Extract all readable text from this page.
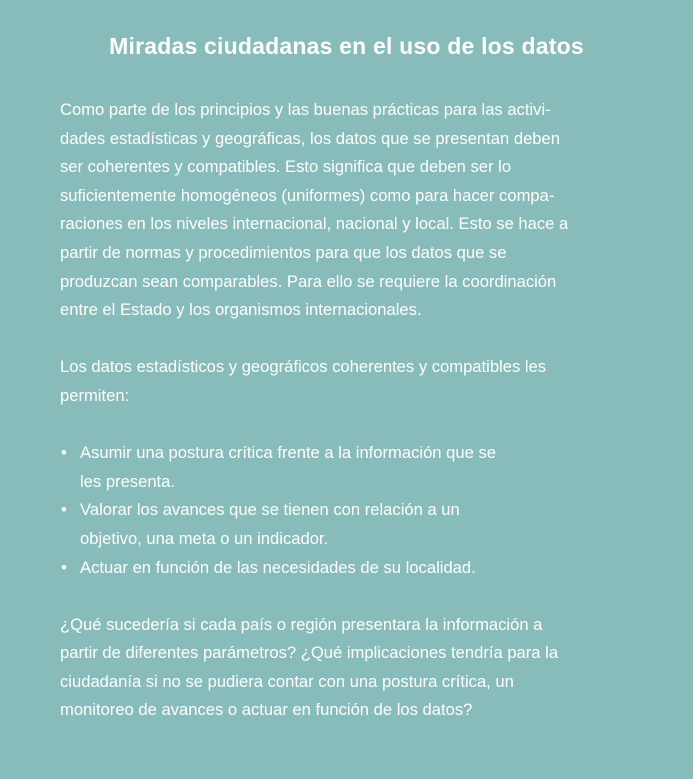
Miradas ciudadanas en el uso de los datos

Como parte de los principios y las buenas prácticas para las activi-
dades estadísticas y geográficas, los datos que se presentan deben
ser coherentes y compatibles. Esto significa que deben ser lo
suficientemente homogéneos (uniformes) como para hacer compa-
raciones en los niveles internacional, nacional y local. Esto se hace a
partir de normas y procedimientos para que los datos que se
produzcan sean comparables. Para ello se requiere la coordinación
entre el Estado y los organismos internacionales.

Los datos estadísticos y geográficos coherentes y compatibles les
permiten:

• Asumir una postura crítica frente a la información que se
les presenta.
• Valorar los avances que se tienen con relación a un
objetivo, una meta o un indicador.
• Actuar en función de las necesidades de su localidad.

¿Qué sucedería si cada país o región presentara la información a
partir de diferentes parámetros? ¿Qué implicaciones tendría para la
ciudadanía si no se pudiera contar con una postura crítica, un
monitoreo de avances o actuar en función de los datos?
